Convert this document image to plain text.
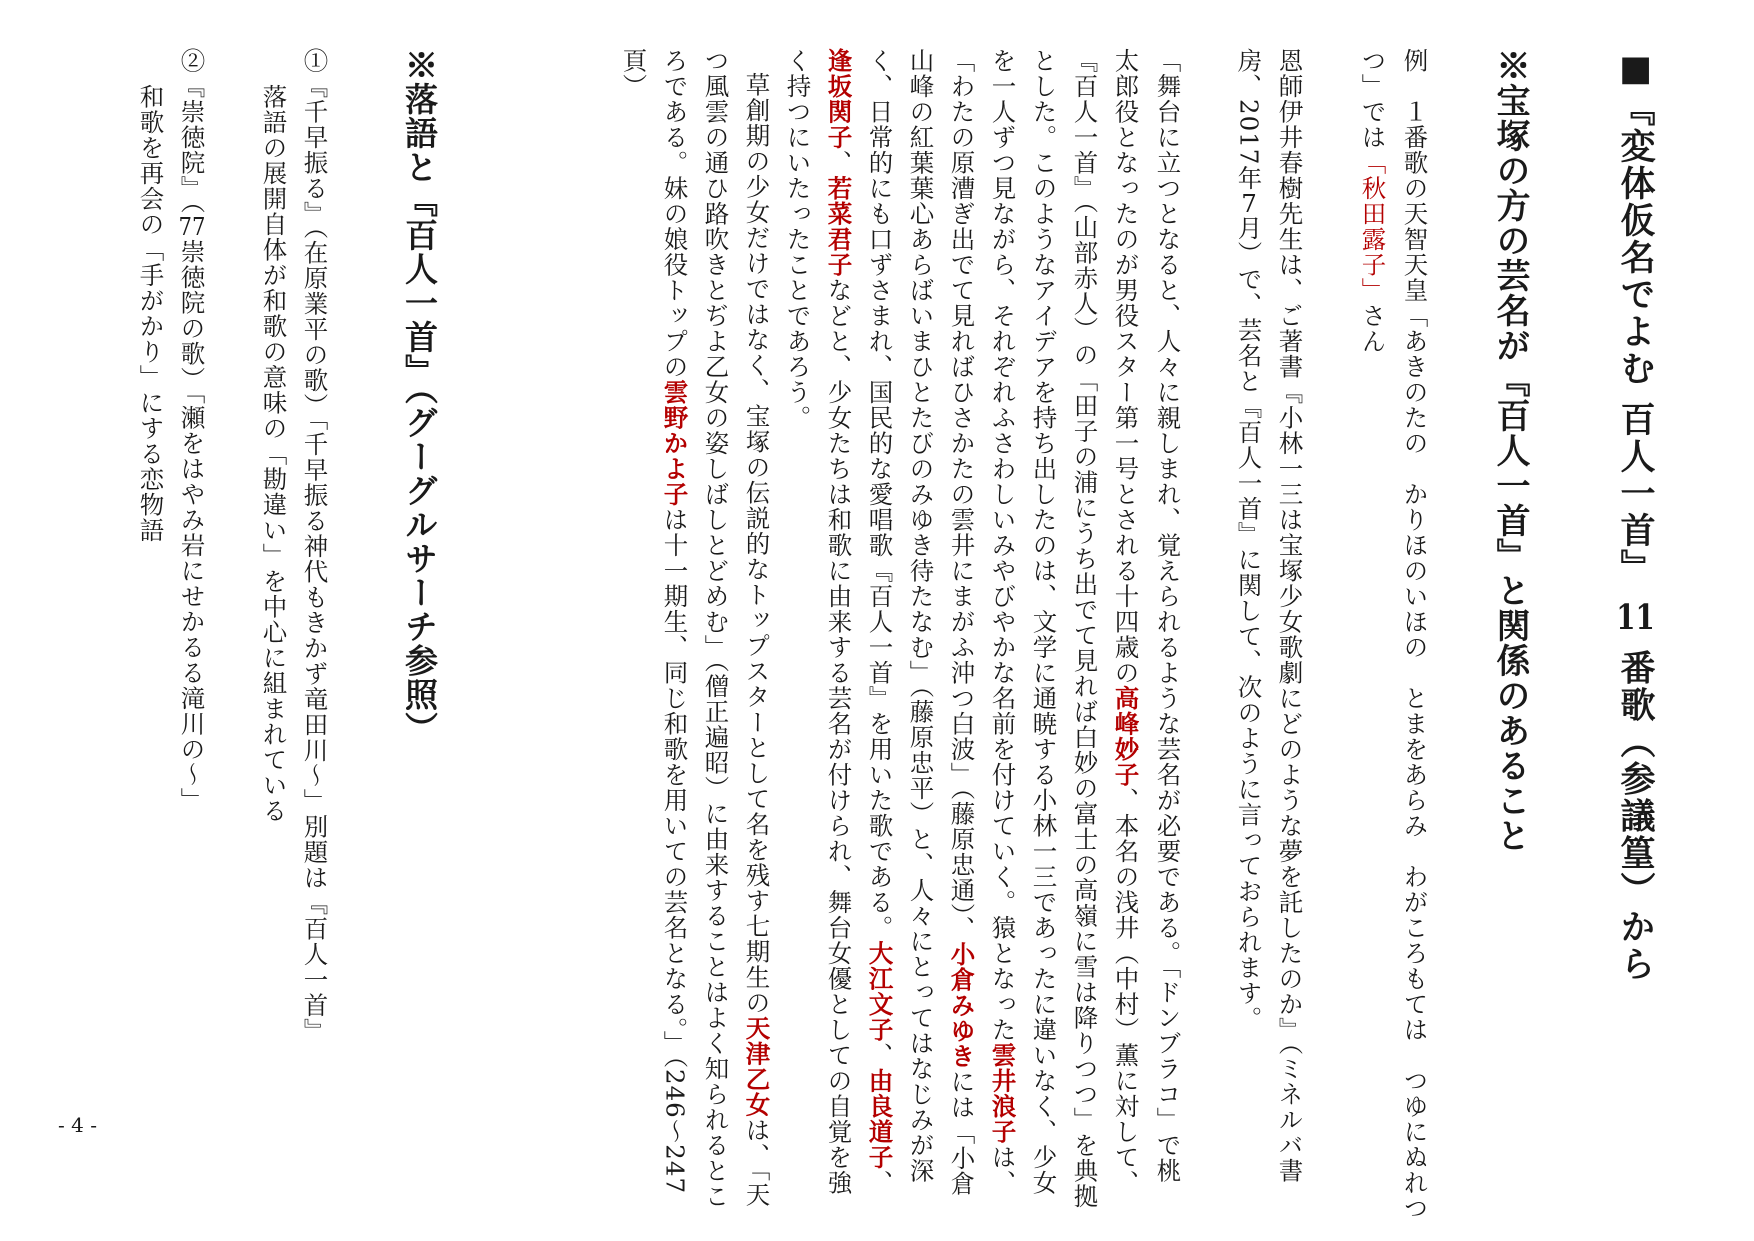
■『変体仮名でよむ 百人一首』 11 番歌（参議篁）から

※宝塚の方の芸名が『百人一首』と関係のあること

例　１番歌の天智天皇「あきのたの　かりほのいほの　とまをあらみ　わがころもては　つゆにぬれつ

つ」では「秋田露子」さん

恩師伊井春樹先生は、ご著書『小林一三は宝塚少女歌劇にどのような夢を託したのか』（ミネルバ書

房、2017年7月）で、芸名と『百人一首』に関して、次のように言っておられます。

「舞台に立つとなると、人々に親しまれ、覚えられるような芸名が必要である。「ドンブラコ」で桃

太郎役となったのが男役スター第一号とされる十四歳の高峰妙子、本名の浅井（中村）薫に対して、

『百人一首』（山部赤人）の「田子の浦にうち出でて見れば白妙の富士の高嶺に雪は降りつつ」を典拠

とした。このようなアイデアを持ち出したのは、文学に通暁する小林一三であったに違いなく、少女

を一人ずつ見ながら、それぞれふさわしいみやびやかな名前を付けていく。猿となった雲井浪子は、

「わたの原漕ぎ出でて見ればひさかたの雲井にまがふ沖つ白波」（藤原忠通）、小倉みゆきには「小倉

山峰の紅葉葉心あらばいまひとたびのみゆき待たなむ」（藤原忠平）と、人々にとってはなじみが深

く、日常的にも口ずさまれ、国民的な愛唱歌『百人一首』を用いた歌である。大江文子、由良道子、

逢坂関子、若菜君子などと、少女たちは和歌に由来する芸名が付けられ、舞台女優としての自覚を強

く持つにいたったことであろう。

草創期の少女だけではなく、宝塚の伝説的なトップスターとして名を残す七期生の天津乙女は、「天

つ風雲の通ひ路吹きとぢよ乙女の姿しばしとどめむ」（僧正遍昭）に由来することはよく知られるとこ

ろである。妹の娘役トップの雲野かよ子は十一期生、同じ和歌を用いての芸名となる。」（246～247

頁）

※落語と『百人一首』（グーグルサーチ参照）

①『千早振る』（在原業平の歌）「千早振る神代もきかず竜田川～」別題は『百人一首』

落語の展開自体が和歌の意味の「勘違い」を中心に組まれている

②『崇徳院』（77崇徳院の歌）「瀬をはやみ岩にせかるる滝川の～」

和歌を再会の「手がかり」にする恋物語

- 4 -
